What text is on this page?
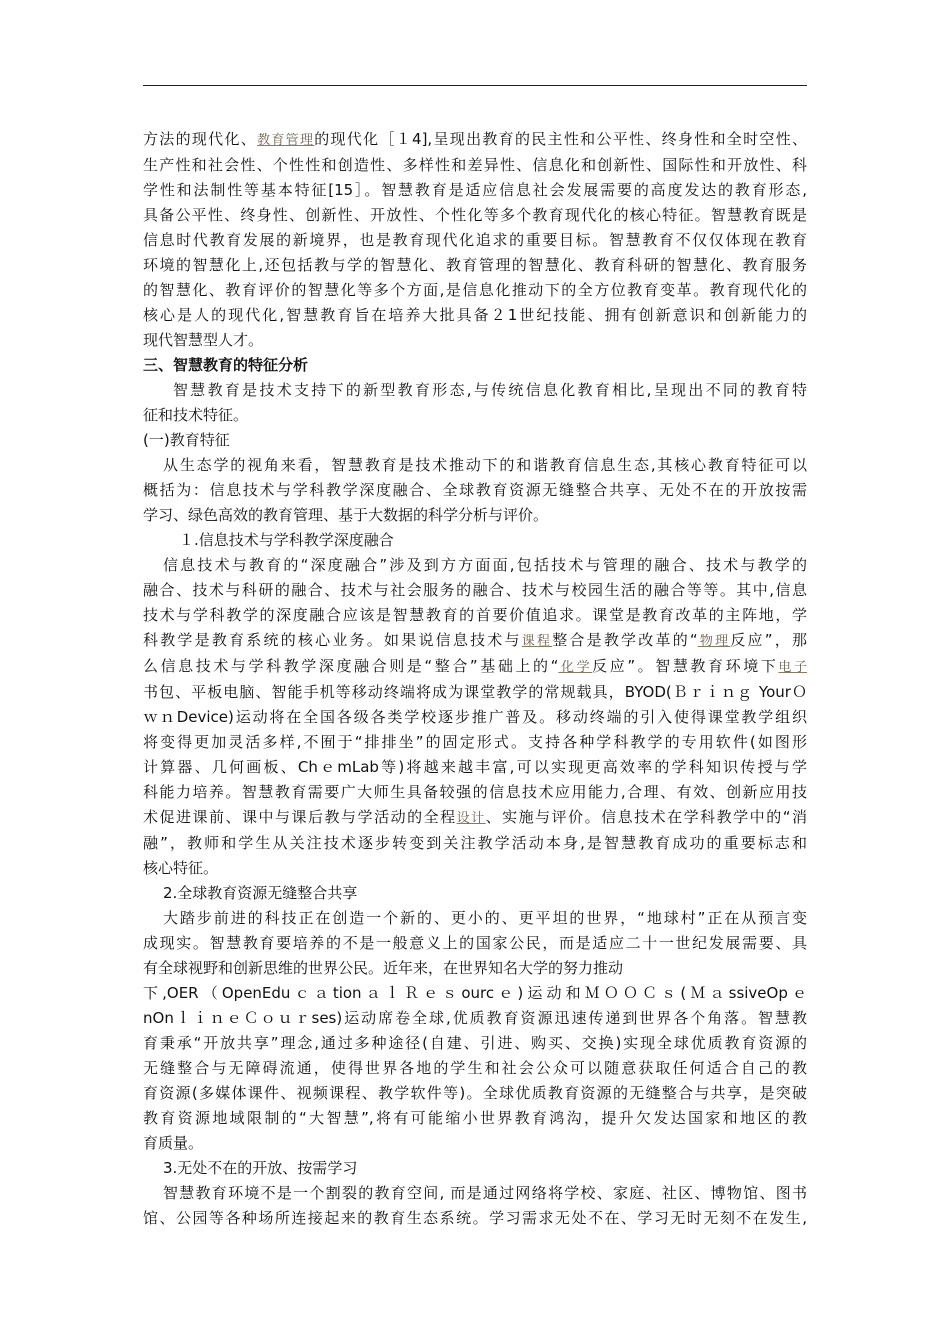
方法的现代化、教育管理的现代化［１4],呈现出教育的民主性和公平性、终身性和全时空性、
生产性和社会性、个性性和创造性、多样性和差异性、信息化和创新性、国际性和开放性、科
学性和法制性等基本特征[15］。智慧教育是适应信息社会发展需要的高度发达的教育形态,
具备公平性、终身性、创新性、开放性、个性化等多个教育现代化的核心特征。智慧教育既是
信息时代教育发展的新境界，也是教育现代化追求的重要目标。智慧教育不仅仅体现在教育
环境的智慧化上,还包括教与学的智慧化、教育管理的智慧化、教育科研的智慧化、教育服务
的智慧化、教育评价的智慧化等多个方面,是信息化推动下的全方位教育变革。教育现代化的
核心是人的现代化,智慧教育旨在培养大批具备２1世纪技能、拥有创新意识和创新能力的
现代智慧型人才。

三、智慧教育的特征分析

智慧教育是技术支持下的新型教育形态,与传统信息化教育相比,呈现出不同的教育特
征和技术特征。

(一)教育特征

从生态学的视角来看，智慧教育是技术推动下的和谐教育信息生态,其核心教育特征可以
概括为：信息技术与学科教学深度融合、全球教育资源无缝整合共享、无处不在的开放按需
学习、绿色高效的教育管理、基于大数据的科学分析与评价。

１.信息技术与学科教学深度融合

信息技术与教育的“深度融合”涉及到方方面面,包括技术与管理的融合、技术与教学的
融合、技术与科研的融合、技术与社会服务的融合、技术与校园生活的融合等等。其中,信息
技术与学科教学的深度融合应该是智慧教育的首要价值追求。课堂是教育改革的主阵地，学
科教学是教育系统的核心业务。如果说信息技术与课程整合是教学改革的“物理反应”，那
么信息技术与学科教学深度融合则是“整合”基础上的“化学反应”。智慧教育环境下电子
书包、平板电脑、智能手机等移动终端将成为课堂教学的常规载具，BYOD(Ｂｒｉｎｇ YourＯ
ｗｎDevice)运动将在全国各级各类学校逐步推广普及。移动终端的引入使得课堂教学组织
将变得更加灵活多样,不囿于“排排坐”的固定形式。支持各种学科教学的专用软件(如图形
计算器、几何画板、ChｅmLab等)将越来越丰富,可以实现更高效率的学科知识传授与学
科能力培养。智慧教育需要广大师生具备较强的信息技术应用能力,合理、有效、创新应用技
术促进课前、课中与课后教与学活动的全程设计、实施与评价。信息技术在学科教学中的“消
融”，教师和学生从关注技术逐步转变到关注教学活动本身,是智慧教育成功的重要标志和
核心特征。

2.全球教育资源无缝整合共享

大踏步前进的科技正在创造一个新的、更小的、更平坦的世界，“地球村”正在从预言变
成现实。智慧教育要培养的不是一般意义上的国家公民，而是适应二十一世纪发展需要、具
有全球视野和创新思维的世界公民。近年来，在世界知名大学的努力推动
下,OER（OpenEduｃａtionａｌＲｅｓourcｅ)运动和ＭＯＯＣｓ(ＭａssiveOpｅ
nOnｌｉｎｅＣｏｕｒses)运动席卷全球,优质教育资源迅速传递到世界各个角落。智慧教
育秉承“开放共享”理念,通过多种途径(自建、引进、购买、交换)实现全球优质教育资源的
无缝整合与无障碍流通，使得世界各地的学生和社会公众可以随意获取任何适合自己的教
育资源(多媒体课件、视频课程、教学软件等)。全球优质教育资源的无缝整合与共享，是突破
教育资源地域限制的“大智慧”,将有可能缩小世界教育鸿沟，提升欠发达国家和地区的教
育质量。

3.无处不在的开放、按需学习

智慧教育环境不是一个割裂的教育空间, 而是通过网络将学校、家庭、社区、博物馆、图书
馆、公园等各种场所连接起来的教育生态系统。学习需求无处不在、学习无时无刻不在发生,
